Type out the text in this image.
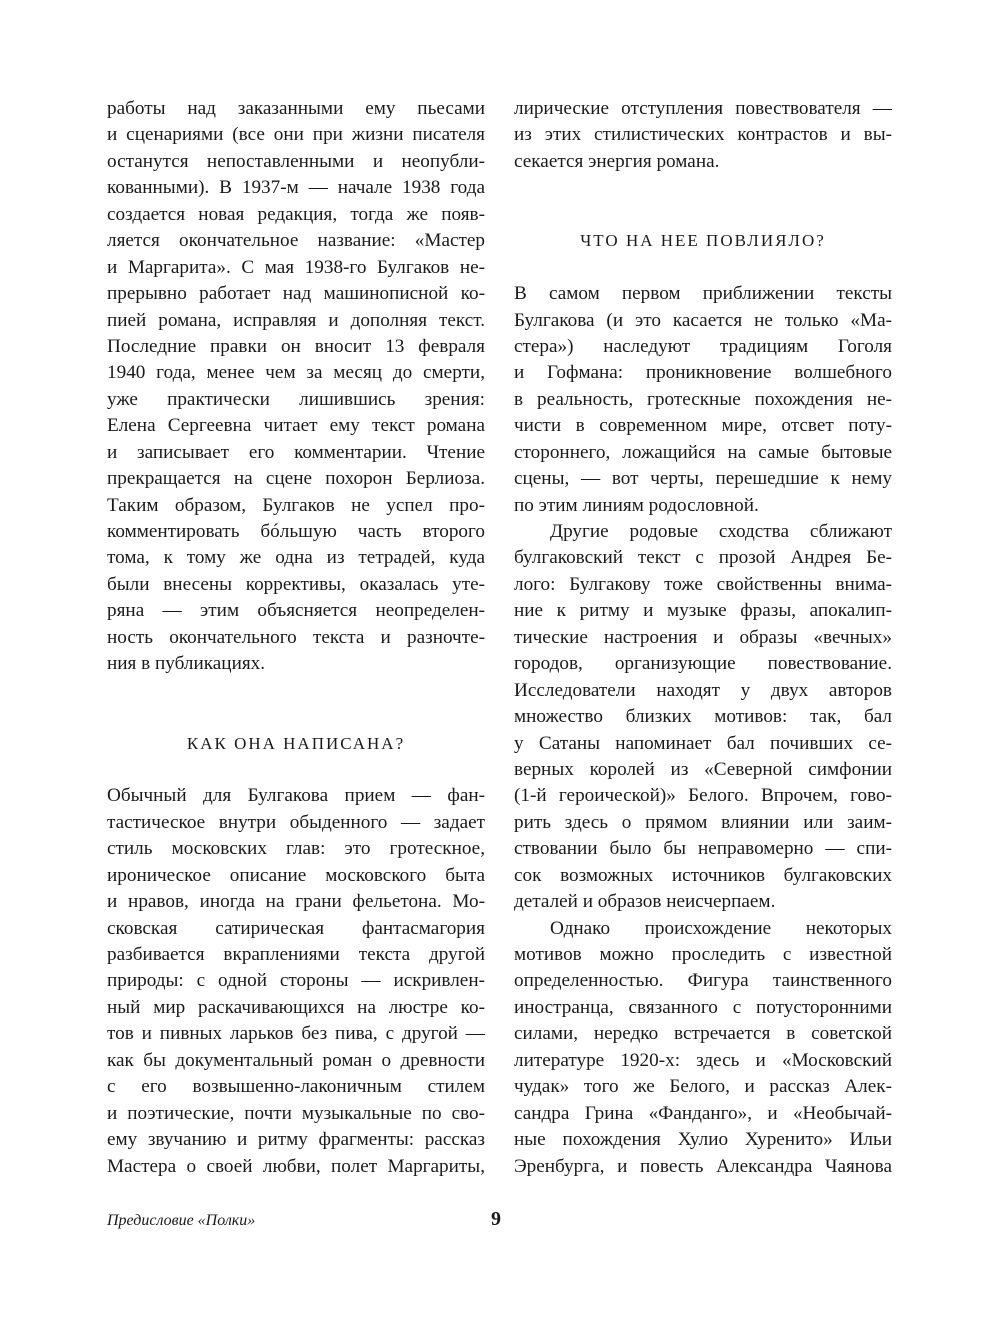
работы над заказанными ему пьесами
и сценариями (все они при жизни писателя
останутся непоставленными и неопубли-
кованными). В 1937-м — начале 1938 года
создается новая редакция, тогда же появ-
ляется окончательное название: «Мастер
и Маргарита». С мая 1938-го Булгаков не-
прерывно работает над машинописной ко-
пией романа, исправляя и дополняя текст.
Последние правки он вносит 13 февраля
1940 года, менее чем за месяц до смерти,
уже практически лишившись зрения:
Елена Сергеевна читает ему текст романа
и записывает его комментарии. Чтение
прекращается на сцене похорон Берлиоза.
Таким образом, Булгаков не успел про-
комментировать бóльшую часть второго
тома, к тому же одна из тетрадей, куда
были внесены коррективы, оказалась уте-
ряна — этим объясняется неопределен-
ность окончательного текста и разночте-
ния в публикациях.
КАК ОНА НАПИСАНА?
Обычный для Булгакова прием — фан-
тастическое внутри обыденного — задает
стиль московских глав: это гротескное,
ироническое описание московского быта
и нравов, иногда на грани фельетона. Мо-
сковская сатирическая фантасмагория
разбивается вкраплениями текста другой
природы: с одной стороны — искривлен-
ный мир раскачивающихся на люстре ко-
тов и пивных ларьков без пива, с другой —
как бы документальный роман о древности
с его возвышенно-лаконичным стилем
и поэтические, почти музыкальные по сво-
ему звучанию и ритму фрагменты: рассказ
Мастера о своей любви, полет Маргариты,
лирические отступления повествователя —
из этих стилистических контрастов и вы-
секается энергия романа.
ЧТО НА НЕЕ ПОВЛИЯЛО?
В самом первом приближении тексты
Булгакова (и это касается не только «Ма-
стера») наследуют традициям Гоголя
и Гофмана: проникновение волшебного
в реальность, гротескные похождения не-
чисти в современном мире, отсвет поту-
стороннего, ложащийся на самые бытовые
сцены, — вот черты, перешедшие к нему
по этим линиям родословной.
Другие родовые сходства сближают
булгаковский текст с прозой Андрея Бе-
лого: Булгакову тоже свойственны внима-
ние к ритму и музыке фразы, апокалип-
тические настроения и образы «вечных»
городов, организующие повествование.
Исследователи находят у двух авторов
множество близких мотивов: так, бал
у Сатаны напоминает бал почивших се-
верных королей из «Северной симфонии
(1-й героической)» Белого. Впрочем, гово-
рить здесь о прямом влиянии или заим-
ствовании было бы неправомерно — спи-
сок возможных источников булгаковских
деталей и образов неисчерпаем.
Однако происхождение некоторых
мотивов можно проследить с известной
определенностью. Фигура таинственного
иностранца, связанного с потусторонними
силами, нередко встречается в советской
литературе 1920-х: здесь и «Московский
чудак» того же Белого, и рассказ Алек-
сандра Грина «Фанданго», и «Необычай-
ные похождения Хулио Хуренито» Ильи
Эренбурга, и повесть Александра Чаянова
Предисловие «Полки»	9
